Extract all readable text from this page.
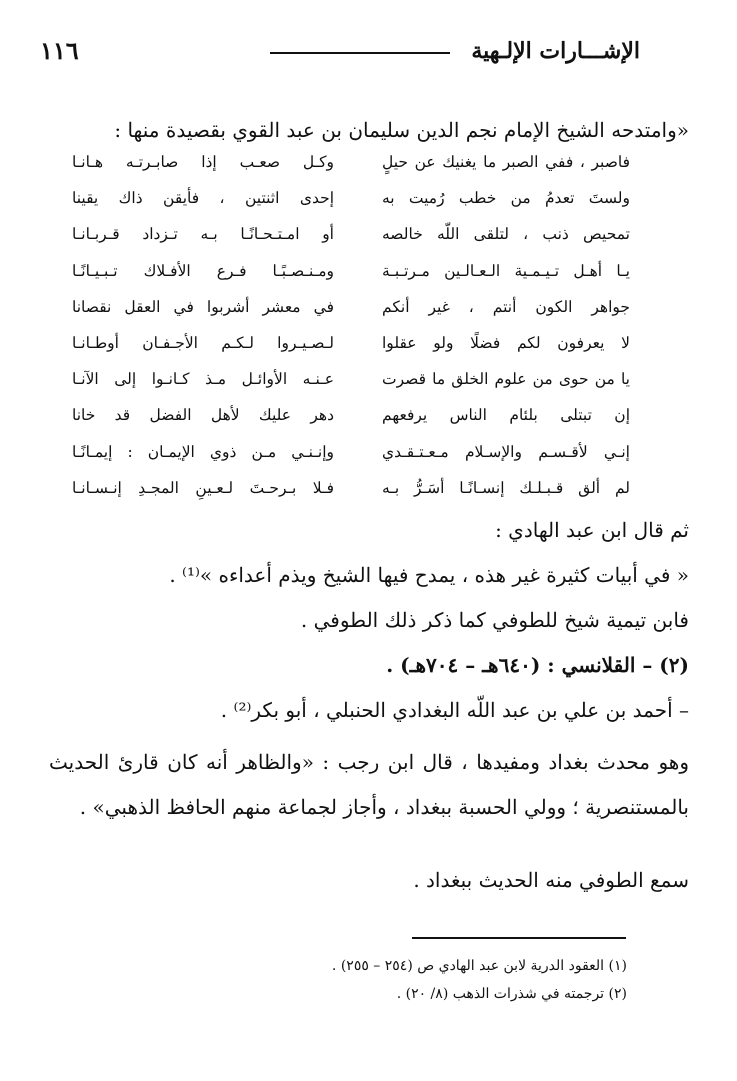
١١٦	الإشـــارات الإلـهية
«وامتدحه الشيخ الإمام نجم الدين سليمان بن عبد القوي بقصيدة منها :
فاصبر ، ففي الصبر ما يغنيك عن حيلٍ
وكـل صعـب إذا صابـرتـه هـانـا
ولستَ تعدمُ من خطب رُميت به
إحدى اثنتين ، فأيقن ذاك يقينا
تمحيص ذنب ، لتلقى اللّه خالصه
أو امـتـحـانًـا بـه تـزداد قـربـانـا
يـا أهـل تـيـمـية الـعـالـين مـرتـبـة
ومـنـصـبًـا فـرع الأفـلاك تـبـيـانًـا
جواهر الكون أنتم ، غير أنكم
في معشر أشربوا في العقل نقصانا
لا يعرفون لكم فضلًا ولو عقلوا
لـصـيـروا لـكـم الأجـفـان أوطـانـا
يا من حوى من علوم الخلق ما قصرت
عـنـه الأوائـل مـذ كـانـوا إلى الآنـا
إن تبتلى بلئام الناس يرفعهم
دهر عليك لأهل الفضل قد خانا
إنـي لأقـسـم والإسـلام مـعـتـقـدي
وإنـنـي مـن ذوي الإيمـان : إيمـانًـا
لم ألق قـبـلـك إنسـانًـا أسَـرُّ بـه
فـلا بـرحـتَ لـعـينِ المجـدِ إنـسـانـا
ثم قال ابن عبد الهادي :
« في أبيات كثيرة غير هذه ، يمدح فيها الشيخ ويذم أعداءه »⁽¹⁾ .
فابن تيمية شيخ للطوفي كما ذكر ذلك الطوفي .
(٢) – القلانسي : (٦٤٠هـ – ٧٠٤هـ) .
– أحمد بن علي بن عبد اللّه البغدادي الحنبلي ، أبو بكر⁽²⁾ .
وهو محدث بغداد ومفيدها ، قال ابن رجب : «والظاهر أنه كان قارئ الحديث بالمستنصرية ؛ وولي الحسبة ببغداد ، وأجاز لجماعة منهم الحافظ الذهبي» .
سمع الطوفي منه الحديث ببغداد .
(١) العقود الدرية لابن عبد الهادي ص (٢٥٤ – ٢٥٥) .
(٢) ترجمته في شذرات الذهب (٨/ ٢٠) .
